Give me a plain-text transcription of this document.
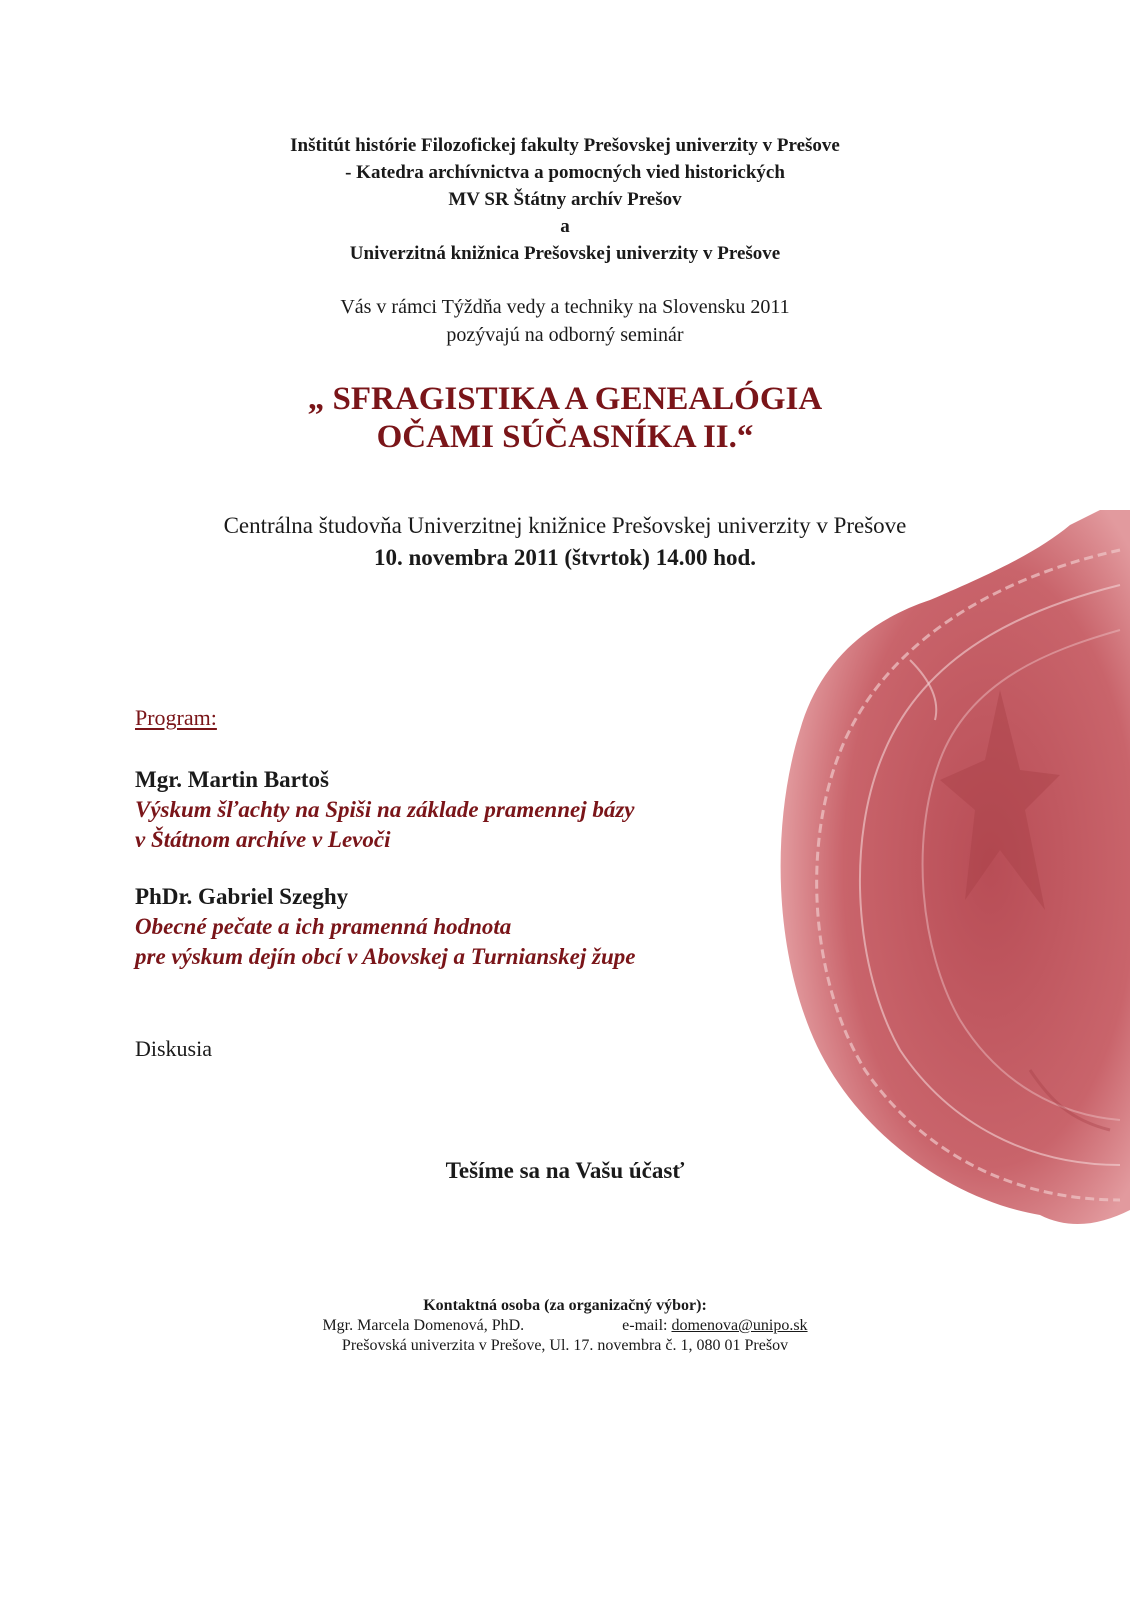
Inštitút histórie Filozofickej fakulty Prešovskej univerzity v Prešove
- Katedra archívnictva a pomocných vied historických
MV SR Štátny archív Prešov
a
Univerzitná knižnica Prešovskej univerzity v Prešove
Vás v rámci Týždňa vedy a techniky na Slovensku 2011
pozývajú na odborný seminár
„ SFRAGISTIKA A GENEALÓGIA
OČAMI SÚČASNÍKA II.“
Centrálna študovňa Univerzitnej knižnice Prešovskej univerzity v Prešove
10. novembra 2011 (štvrtok) 14.00 hod.
Program:
Mgr. Martin Bartoš
Výskum šľachty na Spiši na základe pramennej bázy
v Štátnom archíve v Levoči
PhDr. Gabriel Szeghy
Obecné pečate a ich pramenná hodnota
pre výskum dejín obcí v Abovskej a Turnianskej župe
Diskusia
Tešíme sa na Vašu účasť
Kontaktná osoba (za organizačný výbor):
Mgr. Marcela Domenová, PhD.	e-mail: domenova@unipo.sk
Prešovská univerzita v Prešove, Ul. 17. novembra č. 1, 080 01 Prešov
